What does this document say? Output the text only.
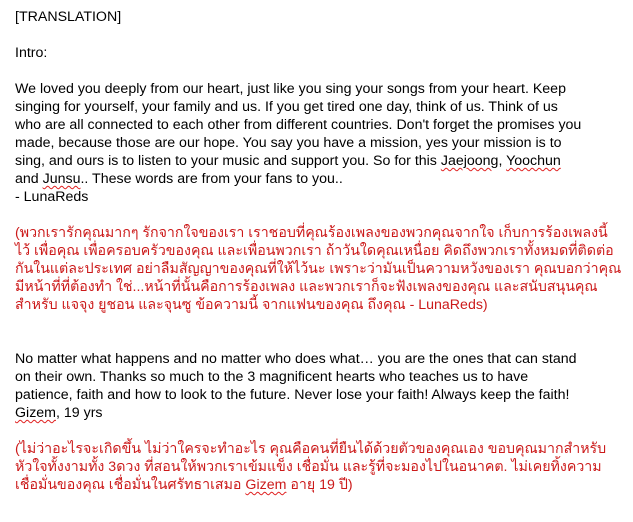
[TRANSLATION]

Intro:

We loved you deeply from our heart, just like you sing your songs from your heart. Keep

singing for yourself, your family and us. If you get tired one day, think of us. Think of us

who are all connected to each other from different countries. Don't forget the promises you

made, because those are our hope. You say you have a mission, yes your mission is to

sing, and ours is to listen to your music and support you. So for this Jaejoong, Yoochun

and Junsu.. These words are from your fans to you..

- LunaReds

(พวกเรารักคุณมากๆ รักจากใจของเรา เราชอบที่คุณร้องเพลงของพวกคุณจากใจ เก็บการร้องเพลงนี้

ไว้ เพื่อคุณ เพื่อครอบครัวของคุณ และเพื่อนพวกเรา ถ้าวันใดคุณเหนื่อย คิดถึงพวกเราทั้งหมดที่ติดต่อ

กันในแต่ละประเทศ อย่าลืมสัญญาของคุณที่ให้ไว้นะ เพราะว่ามันเป็นความหวังของเรา คุณบอกว่าคุณ

มีหน้าที่ที่ต้องทำ ใช่...หน้าที่นั้นคือการร้องเพลง และพวกเราก็จะฟังเพลงของคุณ และสนับสนุนคุณ

สำหรับ แจจุง ยูชอน และจุนซู ข้อความนี้ จากแฟนของคุณ ถึงคุณ - LunaReds)

No matter what happens and no matter who does what… you are the ones that can stand

on their own. Thanks so much to the 3 magnificent hearts who teaches us to have

patience, faith and how to look to the future. Never lose your faith! Always keep the faith!

Gizem, 19 yrs

(ไม่ว่าอะไรจะเกิดขึ้น ไม่ว่าใครจะทำอะไร คุณคือคนที่ยืนได้ด้วยตัวของคุณเอง ขอบคุณมากสำหรับ

หัวใจทั้งงามทั้ง 3ดวง ที่สอนให้พวกเราเข้มแข็ง เชื่อมั่น และรู้ที่จะมองไปในอนาคต. ไม่เคยทิ้งความ

เชื่อมั่นของคุณ เชื่อมั่นในศรัทธาเสมอ Gizem อายุ 19 ปี)
